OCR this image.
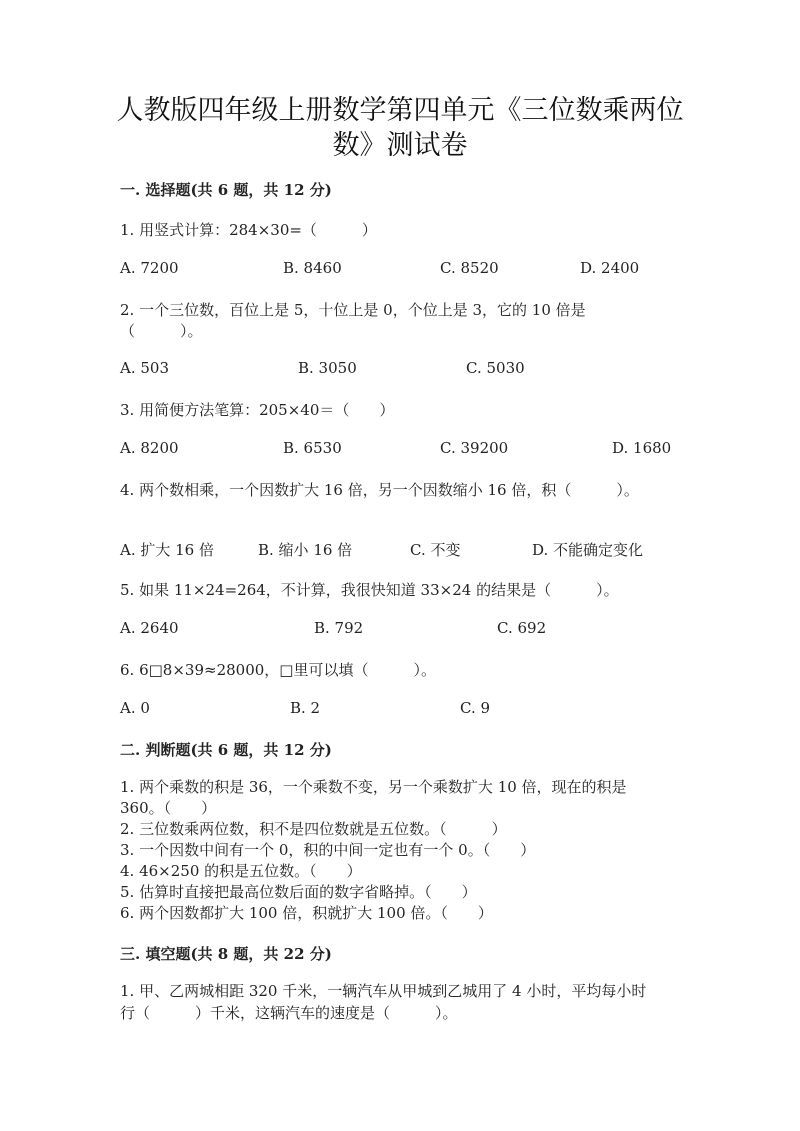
人教版四年级上册数学第四单元《三位数乘两位
数》测试卷
一. 选择题(共 6 题，共 12 分)
1. 用竖式计算：284×30=（　　　）
A. 7200	B. 8460	C. 8520	D. 2400
2. 一个三位数，百位上是 5，十位上是 0，个位上是 3，它的 10 倍是
（　　　）。
A. 503	B. 3050	C. 5030
3. 用简便方法笔算：205×40＝（　　）
A. 8200	B. 6530	C. 39200	D. 1680
4. 两个数相乘，一个因数扩大 16 倍，另一个因数缩小 16 倍，积（　　　）。
A. 扩大 16 倍	B. 缩小 16 倍	C. 不变	D. 不能确定变化
5. 如果 11×24=264，不计算，我很快知道 33×24 的结果是（　　　）。
A. 2640	B. 792	C. 692
6. 6□8×39≈28000，□里可以填（　　　）。
A. 0	B. 2	C. 9
二. 判断题(共 6 题，共 12 分)
1. 两个乘数的积是 36，一个乘数不变，另一个乘数扩大 10 倍，现在的积是
360。（　　）
2. 三位数乘两位数，积不是四位数就是五位数。（　　　）
3. 一个因数中间有一个 0，积的中间一定也有一个 0。（　　）
4. 46×250 的积是五位数。（　　）
5. 估算时直接把最高位数后面的数字省略掉。（　　）
6. 两个因数都扩大 100 倍，积就扩大 100 倍。（　　）
三. 填空题(共 8 题，共 22 分)
1. 甲、乙两城相距 320 千米，一辆汽车从甲城到乙城用了 4 小时，平均每小时
行（　　　）千米，这辆汽车的速度是（　　　）。
